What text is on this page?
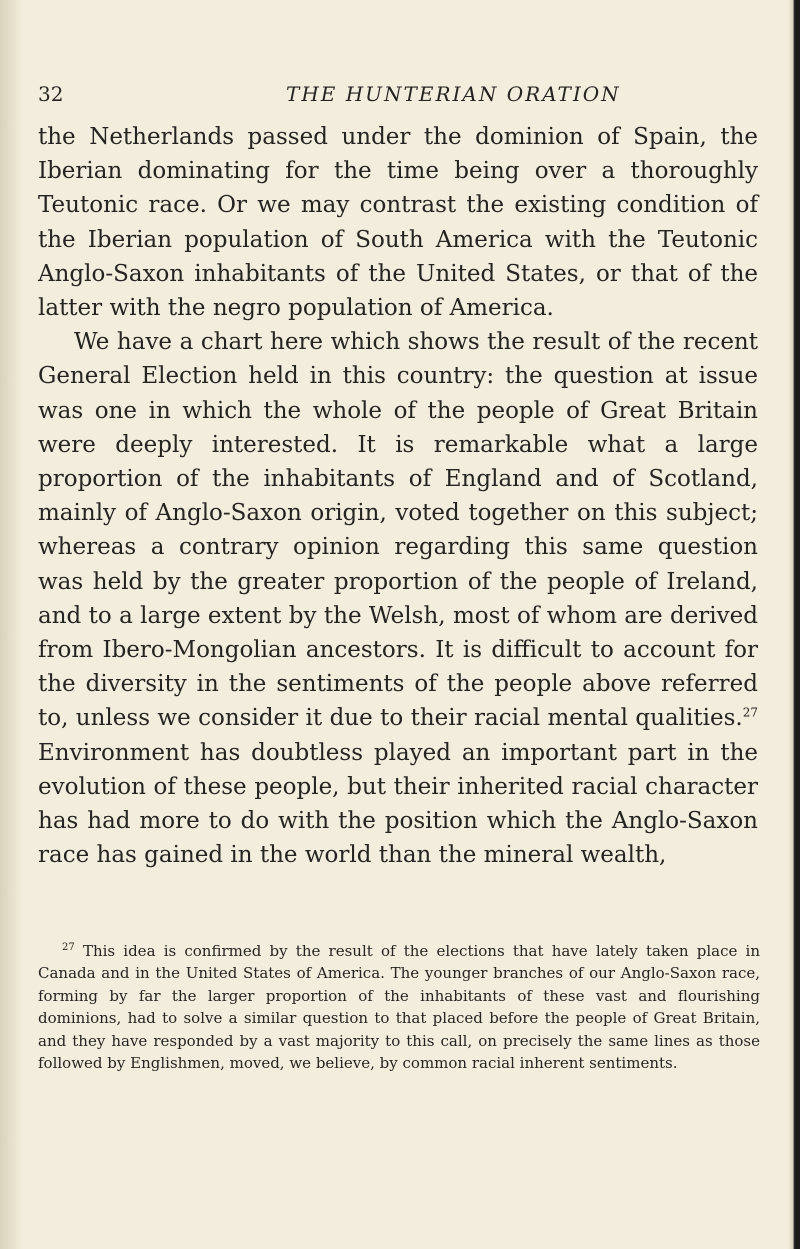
32	THE HUNTERIAN ORATION

the Netherlands passed under the dominion of Spain, the Iberian dominating for the time being over a thoroughly Teutonic race. Or we may contrast the existing condition of the Iberian population of South America with the Teutonic Anglo-Saxon inhabitants of the United States, or that of the latter with the negro population of America.

We have a chart here which shows the result of the recent General Election held in this country: the question at issue was one in which the whole of the people of Great Britain were deeply interested. It is remarkable what a large proportion of the inhabitants of England and of Scotland, mainly of Anglo-Saxon origin, voted together on this subject; whereas a contrary opinion regarding this same question was held by the greater proportion of the people of Ireland, and to a large extent by the Welsh, most of whom are derived from Ibero-Mongolian ancestors. It is difficult to account for the diversity in the sentiments of the people above referred to, unless we consider it due to their racial mental qualities.$^{27}$ Environment has doubtless played an important part in the evolution of these people, but their inherited racial character has had more to do with the position which the Anglo-Saxon race has gained in the world than the mineral wealth,

$^{27}$ This idea is confirmed by the result of the elections that have lately taken place in Canada and in the United States of America. The younger branches of our Anglo-Saxon race, forming by far the larger proportion of the inhabitants of these vast and flourishing dominions, had to solve a similar question to that placed before the people of Great Britain, and they have responded by a vast majority to this call, on precisely the same lines as those followed by Englishmen, moved, we believe, by common racial inherent sentiments.
